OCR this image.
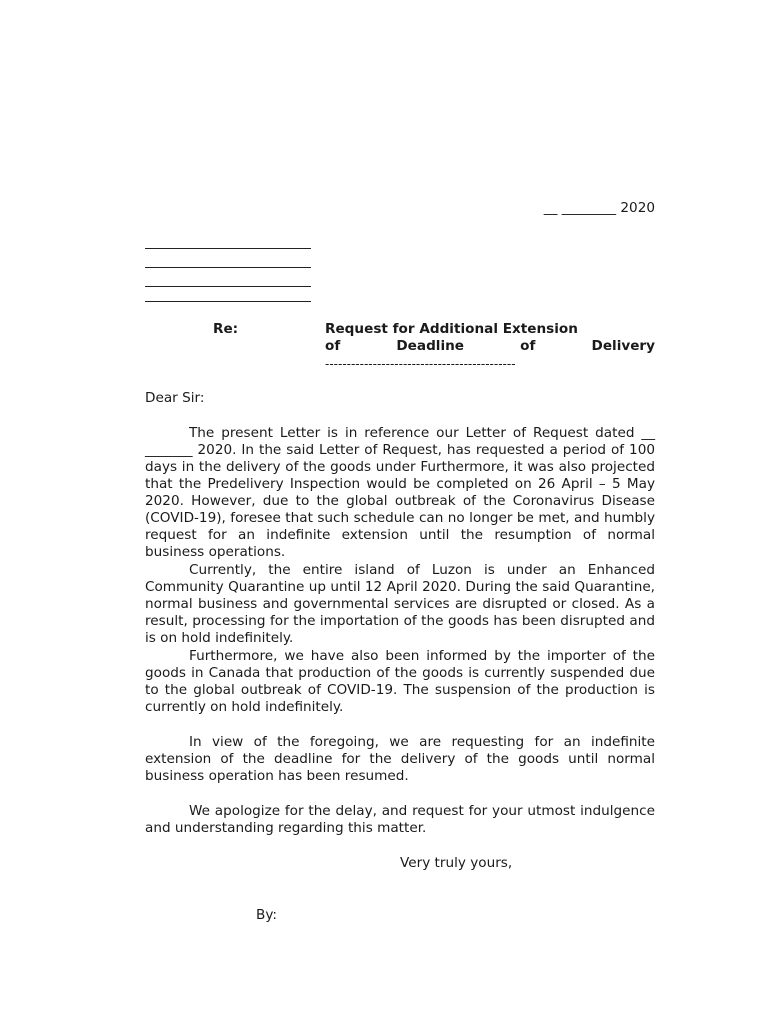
__ ________ 2020
Re:	Request for Additional Extension
of	Deadline	of	Delivery
--------------------------------------------
Dear Sir:

The present Letter is in reference our Letter of Request dated __ _______ 2020. In the said Letter of Request, has requested a period of 100 days in the delivery of the goods under Furthermore, it was also projected that the Predelivery Inspection would be completed on 26 April – 5 May 2020. However, due to the global outbreak of the Coronavirus Disease (COVID-19), foresee that such schedule can no longer be met, and humbly request for an indefinite extension until the resumption of normal business operations.

Currently, the entire island of Luzon is under an Enhanced Community Quarantine up until 12 April 2020. During the said Quarantine, normal business and governmental services are disrupted or closed. As a result, processing for the importation of the goods has been disrupted and is on hold indefinitely.

Furthermore, we have also been informed by the importer of the goods in Canada that production of the goods is currently suspended due to the global outbreak of COVID-19. The suspension of the production is currently on hold indefinitely.

In view of the foregoing, we are requesting for an indefinite extension of the deadline for the delivery of the goods until normal business operation has been resumed.

We apologize for the delay, and request for your utmost indulgence and understanding regarding this matter.

Very truly yours,
By:
